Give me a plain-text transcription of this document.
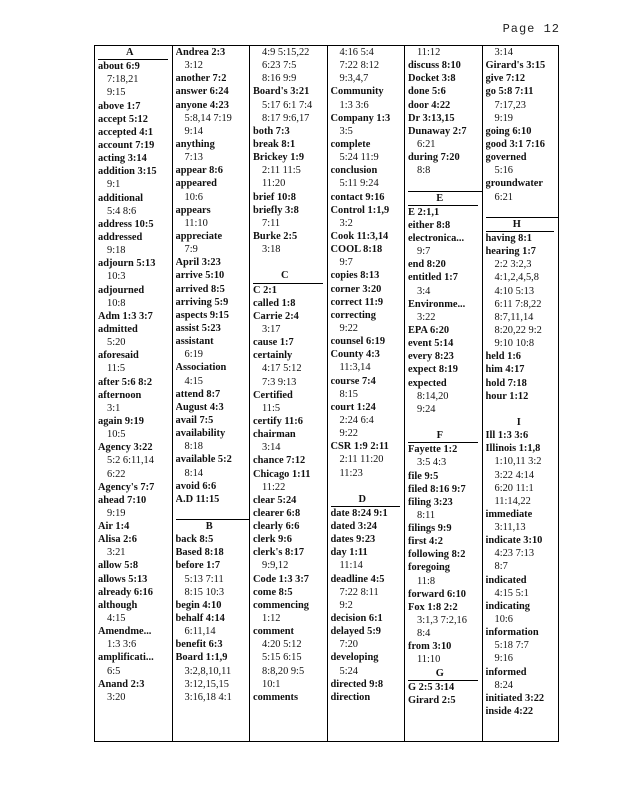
Page 12
A
about 6:9
7:18,21
9:15
above 1:7
accept 5:12
accepted 4:1
account 7:19
acting 3:14
addition 3:15
9:1
additional
5:4 8:6
address 10:5
addressed
9:18
adjourn 5:13
10:3
adjourned
10:8
Adm 1:3 3:7
admitted
5:20
aforesaid
11:5
after 5:6 8:2
afternoon
3:1
again 9:19
10:5
Agency 3:22
5:2 6:11,14
6:22
Agency's 7:7
ahead 7:10
9:19
Air 1:4
Alisa 2:6
3:21
allow 5:8
allows 5:13
already 6:16
although
4:15
Amendme...
1:3 3:6
amplificati...
6:5
Anand 2:3
3:20
Andrea 2:3
3:12
another 7:2
answer 6:24
anyone 4:23
5:8,14 7:19
9:14
anything
7:13
appear 8:6
appeared
10:6
appears
11:10
appreciate
7:9
April 3:23
arrive 5:10
arrived 8:5
arriving 5:9
aspects 9:15
assist 5:23
assistant
6:19
Association
4:15
attend 8:7
August 4:3
avail 7:5
availability
8:18
available 5:2
8:14
avoid 6:6
A.D 11:15
B
back 8:5
Based 8:18
before 1:7
5:13 7:11
8:15 10:3
begin 4:10
behalf 4:14
6:11,14
benefit 6:3
Board 1:1,9
3:2,8,10,11
3:12,15,15
3:16,18 4:1
4:9 5:15,22
6:23 7:5
8:16 9:9
Board's 3:21
5:17 6:1 7:4
8:17 9:6,17
both 7:3
break 8:1
Brickey 1:9
2:11 11:5
11:20
brief 10:8
briefly 3:8
7:11
Burke 2:5
3:18
C
C 2:1
called 1:8
Carrie 2:4
3:17
cause 1:7
certainly
4:17 5:12
7:3 9:13
Certified
11:5
certify 11:6
chairman
3:14
chance 7:12
Chicago 1:11
11:22
clear 5:24
clearer 6:8
clearly 6:6
clerk 9:6
clerk's 8:17
9:9,12
Code 1:3 3:7
come 8:5
commencing
1:12
comment
4:20 5:12
5:15 6:15
8:8,20 9:5
10:1
comments
4:16 5:4
7:22 8:12
9:3,4,7
Community
1:3 3:6
Company 1:3
3:5
complete
5:24 11:9
conclusion
5:11 9:24
contact 9:16
Control 1:1,9
3:2
Cook 11:3,14
COOL 8:18
9:7
copies 8:13
corner 3:20
correct 11:9
correcting
9:22
counsel 6:19
County 4:3
11:3,14
course 7:4
8:15
court 1:24
2:24 6:4
9:22
CSR 1:9 2:11
2:11 11:20
11:23
D
date 8:24 9:1
dated 3:24
dates 9:23
day 1:11
11:14
deadline 4:5
7:22 8:11
9:2
decision 6:1
delayed 5:9
7:20
developing
5:24
directed 9:8
direction
11:12
discuss 8:10
Docket 3:8
done 5:6
door 4:22
Dr 3:13,15
Dunaway 2:7
6:21
during 7:20
8:8
E
E 2:1,1
either 8:8
electronica...
9:7
end 8:20
entitled 1:7
3:4
Environme...
3:22
EPA 6:20
event 5:14
every 8:23
expect 8:19
expected
8:14,20
9:24
F
Fayette 1:2
3:5 4:3
file 9:5
filed 8:16 9:7
filing 3:23
8:11
filings 9:9
first 4:2
following 8:2
foregoing
11:8
forward 6:10
Fox 1:8 2:2
3:1,3 7:2,16
8:4
from 3:10
11:10
G
G 2:5 3:14
Girard 2:5
3:14
Girard's 3:15
give 7:12
go 5:8 7:11
7:17,23
9:19
going 6:10
good 3:1 7:16
governed
5:16
groundwater
6:21
H
having 8:1
hearing 1:7
2:2 3:2,3
4:1,2,4,5,8
4:10 5:13
6:11 7:8,22
8:7,11,14
8:20,22 9:2
9:10 10:8
held 1:6
him 4:17
hold 7:18
hour 1:12
I
Ill 1:3 3:6
Illinois 1:1,8
1:10,11 3:2
3:22 4:14
6:20 11:1
11:14,22
immediate
3:11,13
indicate 3:10
4:23 7:13
8:7
indicated
4:15 5:1
indicating
10:6
information
5:18 7:7
9:16
informed
8:24
initiated 3:22
inside 4:22
